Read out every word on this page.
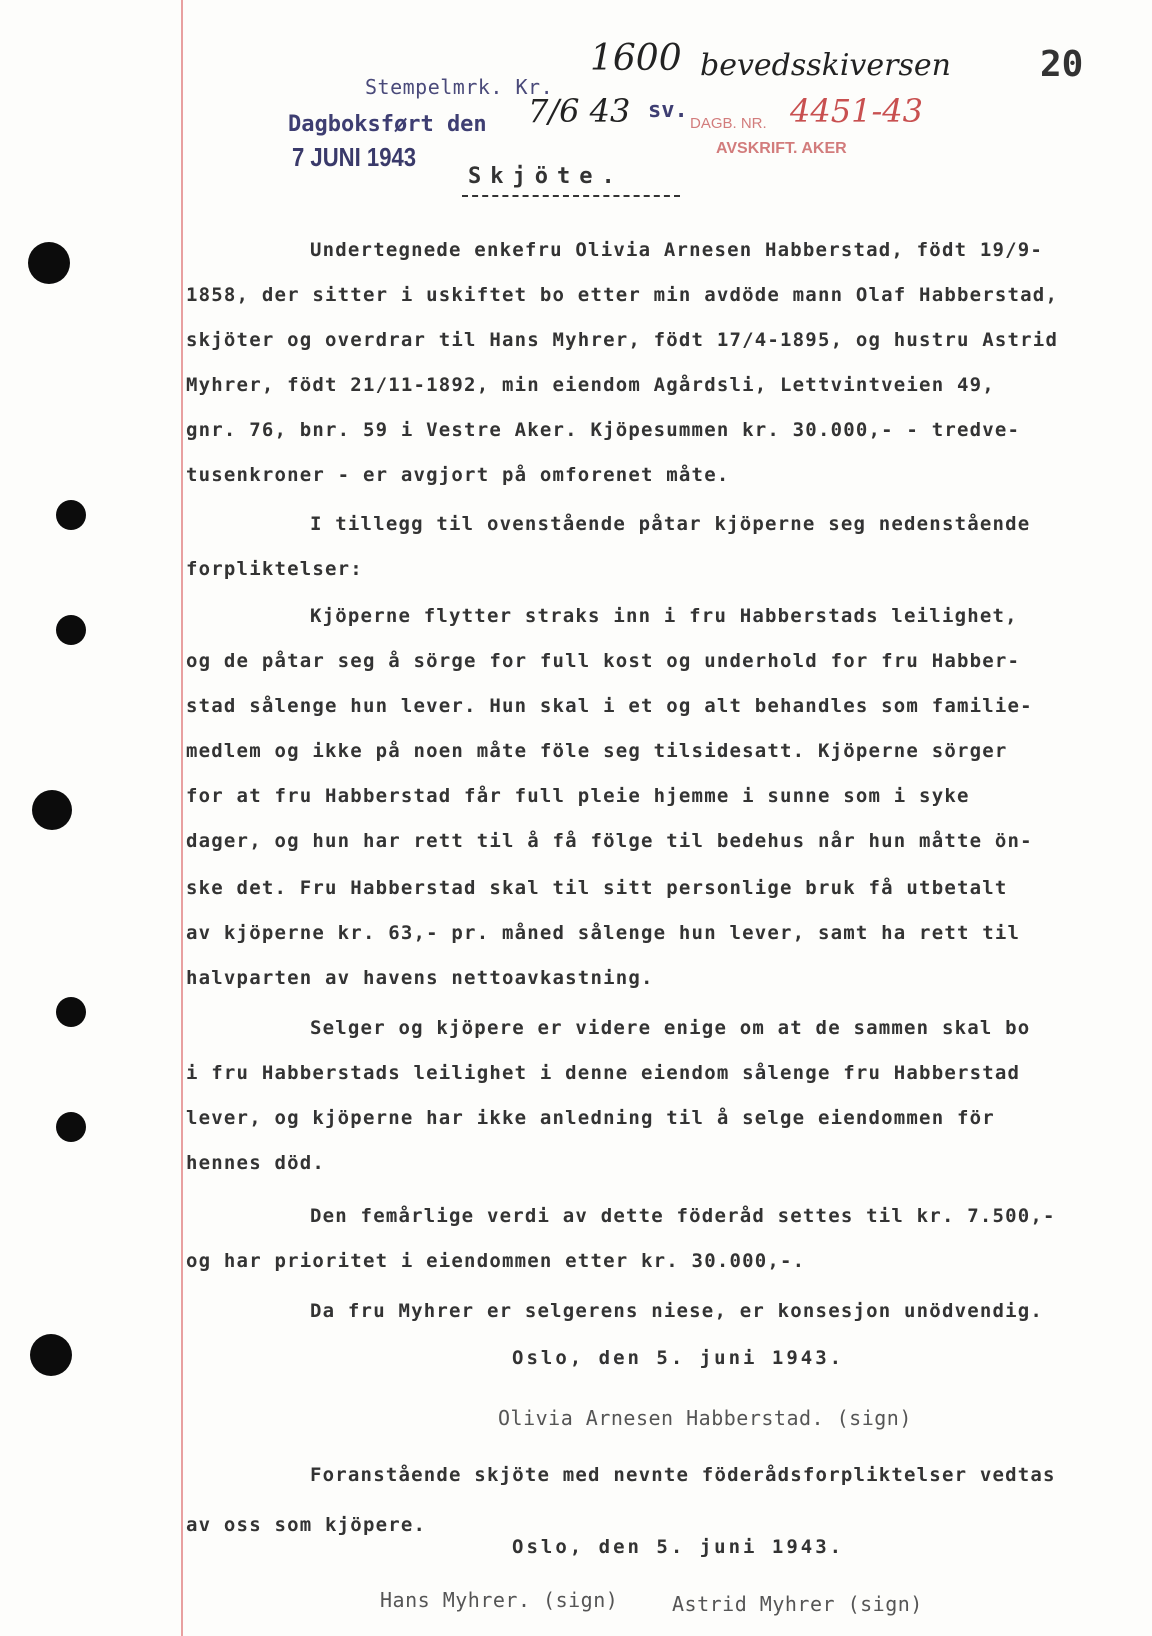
Stempelmrk. Kr.
1600 bevedsskiversen 20
Dagboksført den 7/6 43 sv.
7 JUNI 1943
DAGB. NR. 4451-43
AVSKRIFT. AKER
Skjöte.
Undertegnede enkefru Olivia Arnesen Habberstad, födt 19/9-
1858, der sitter i uskiftet bo etter min avdöde mann Olaf Habberstad,
skjöter og overdrar til Hans Myhrer, födt 17/4-1895, og hustru Astrid
Myhrer, födt 21/11-1892, min eiendom Agårdsli, Lettvintveien 49,
gnr. 76, bnr. 59 i Vestre Aker. Kjöpesummen kr. 30.000,- - tredve-
tusenkroner - er avgjort på omforenet måte.
I tillegg til ovenstående påtar kjöperne seg nedenstående
forpliktelser:
Kjöperne flytter straks inn i fru Habberstads leilighet,
og de påtar seg å sörge for full kost og underhold for fru Habber-
stad sålenge hun lever. Hun skal i et og alt behandles som familie-
medlem og ikke på noen måte föle seg tilsidesatt. Kjöperne sörger
for at fru Habberstad får full pleie hjemme i sunne som i syke
dager, og hun har rett til å få fölge til bedehus når hun måtte ön-
ske det. Fru Habberstad skal til sitt personlige bruk få utbetalt
av kjöperne kr. 63,- pr. måned sålenge hun lever, samt ha rett til
halvparten av havens nettoavkastning.
Selger og kjöpere er videre enige om at de sammen skal bo
i fru Habberstads leilighet i denne eiendom sålenge fru Habberstad
lever, og kjöperne har ikke anledning til å selge eiendommen för
hennes död.
Den femårlige verdi av dette föderåd settes til kr. 7.500,-
og har prioritet i eiendommen etter kr. 30.000,-.
Da fru Myhrer er selgerens niese, er konsesjon unödvendig.
Oslo, den 5. juni 1943.
Olivia Arnesen Habberstad. (sign)
Foranstående skjöte med nevnte föderådsforpliktelser vedtas
av oss som kjöpere.
Oslo, den 5. juni 1943.
Hans Myhrer. (sign)	Astrid Myhrer (sign)
